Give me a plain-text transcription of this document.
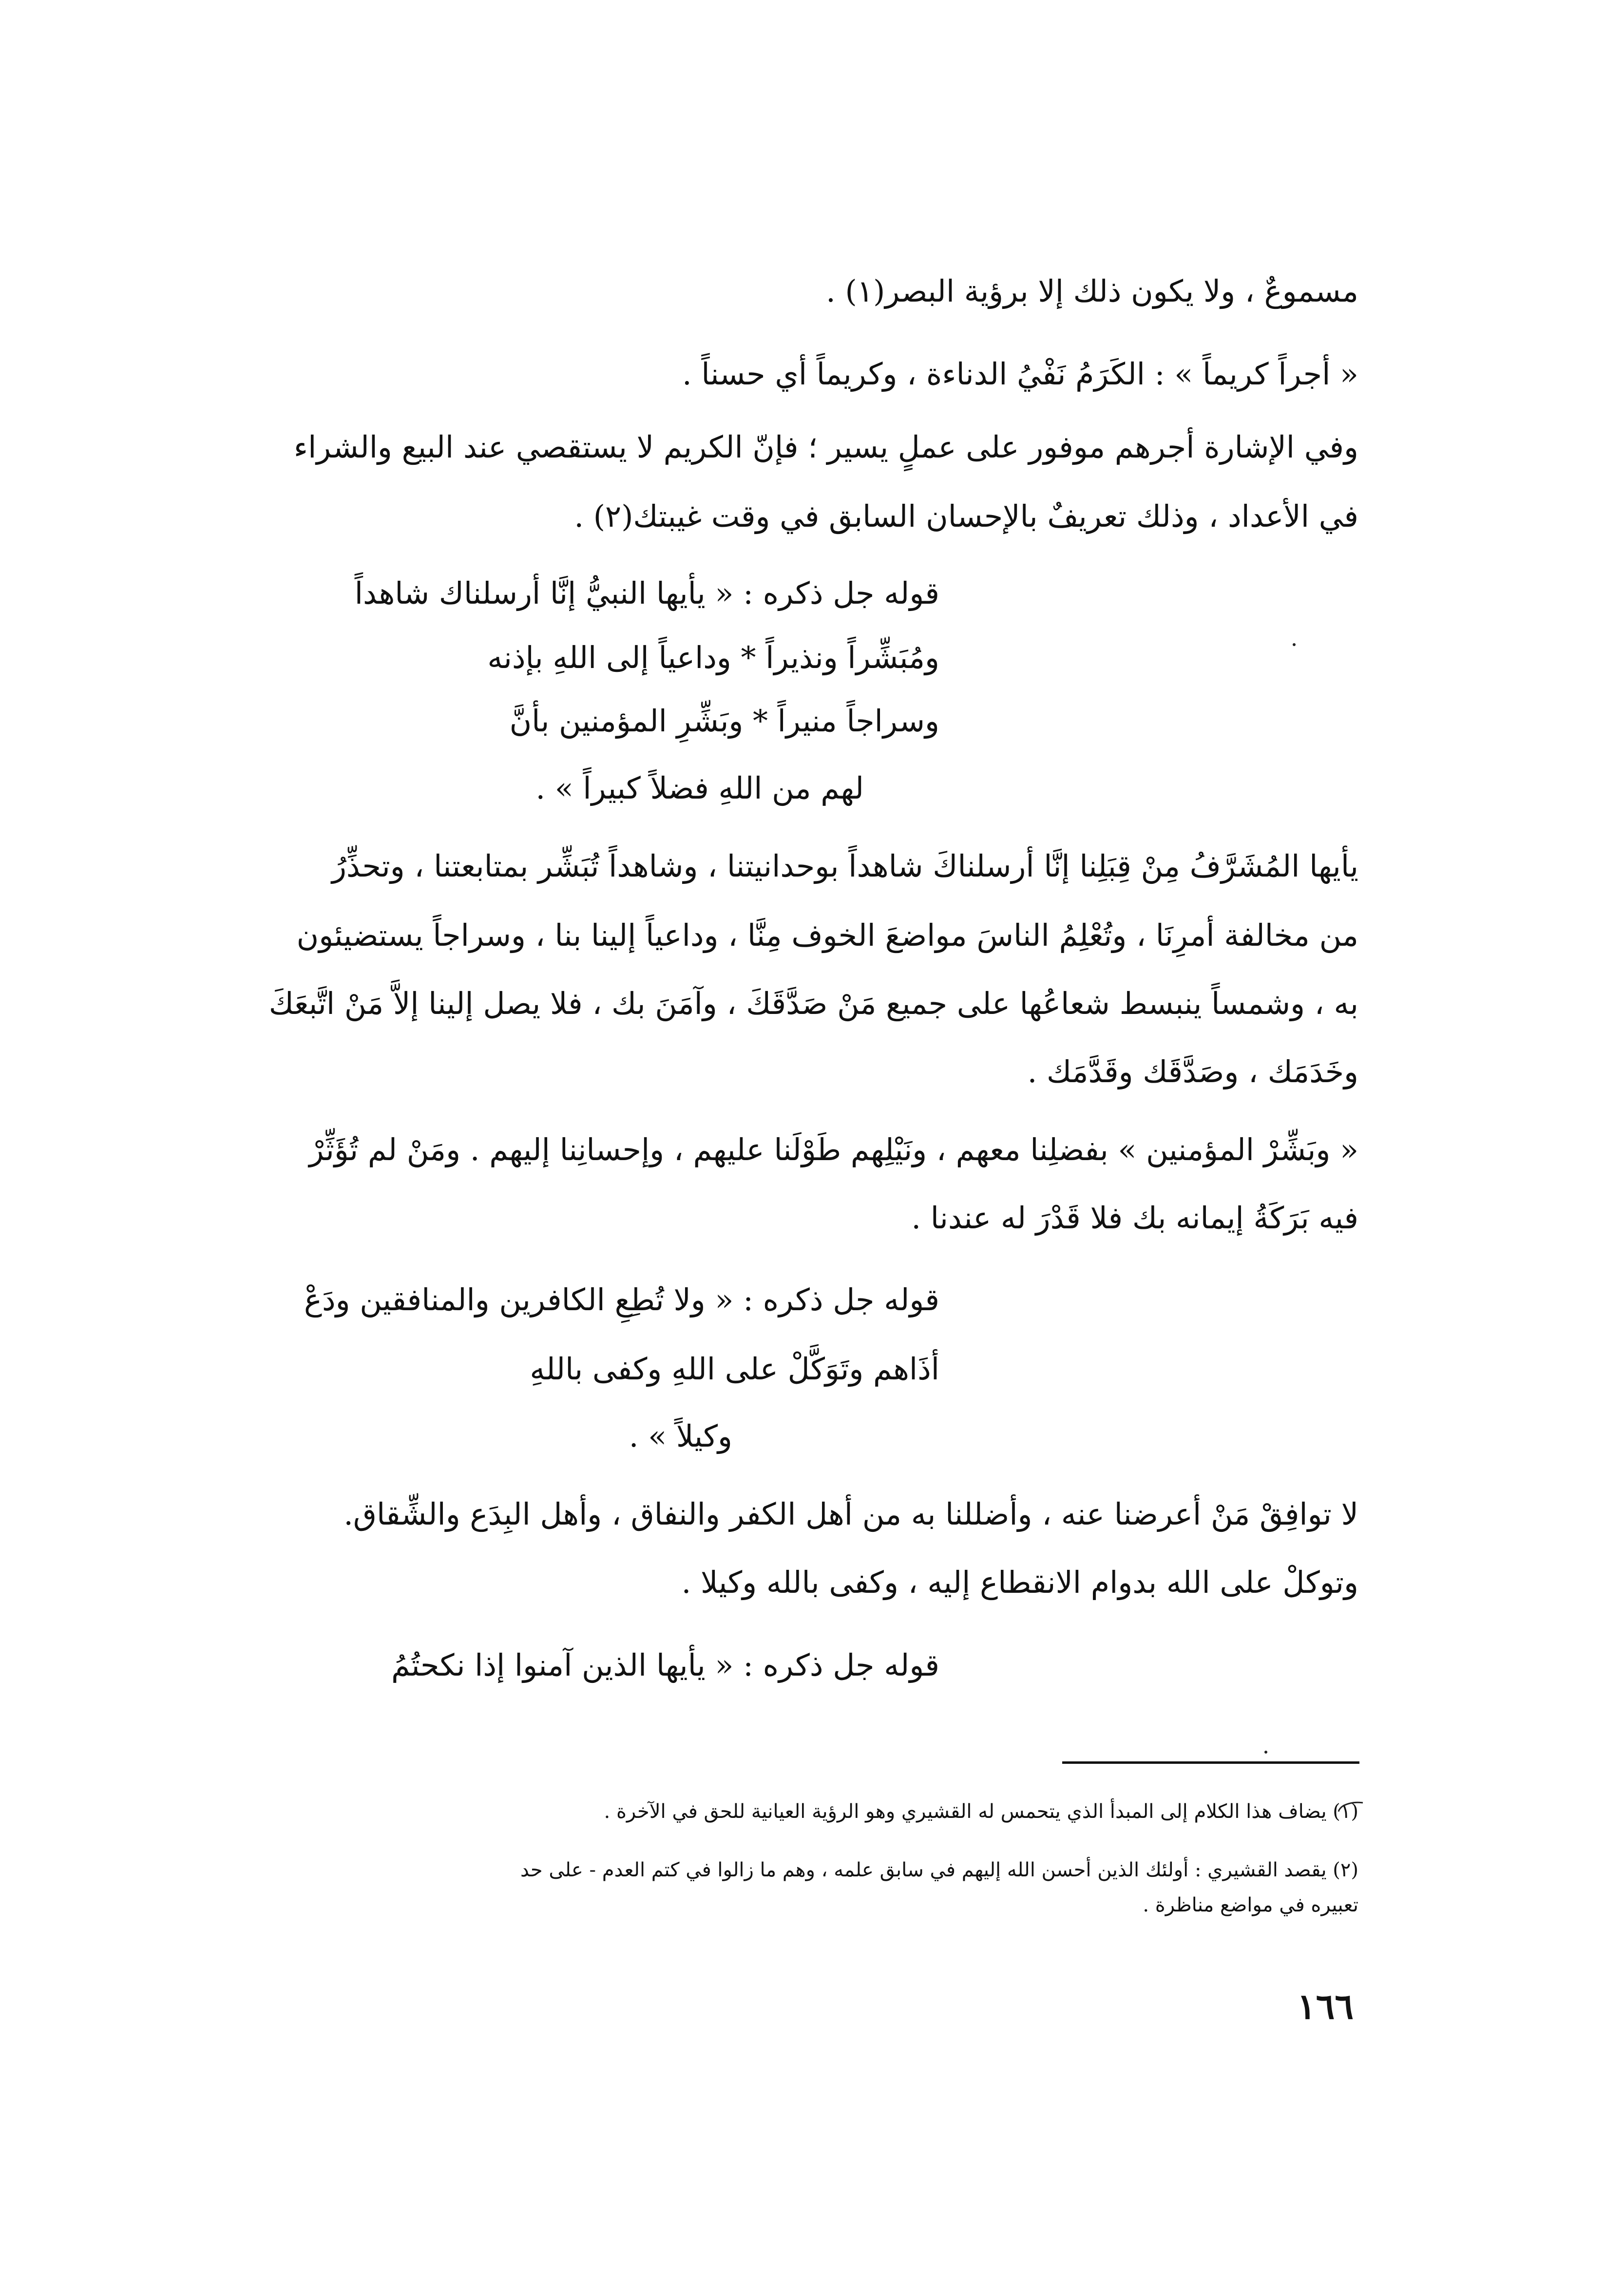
مسموعٌ ، ولا يكون ذلك إلا برؤية البصر(١) .
« أجراً كريماً » : الكَرَمُ نَفْيُ الدناءة ، وكريماً أي حسناً .
وفي الإشارة أجرهم موفور على عملٍ يسير ؛ فإنّ الكريم لا يستقصي عند البيع والشراء
في الأعداد ، وذلك تعريفٌ بالإحسان السابق في وقت غيبتك(٢) .
قوله جل ذكره : « يأيها النبيُّ إنَّا أرسلناك شاهداً
ومُبَشِّراً ونذيراً * وداعياً إلى اللهِ بإذنه
وسراجاً منيراً * وبَشِّرِ المؤمنين بأنَّ
لهم من اللهِ فضلاً كبيراً » .
يأيها المُشَرَّفُ مِنْ قِبَلِنا إنَّا أرسلناكَ شاهداً بوحدانيتنا ، وشاهداً تُبَشِّر بمتابعتنا ، وتحذِّرُ
من مخالفة أمرِنَا ، وتُعْلِمُ الناسَ مواضعَ الخوف مِنَّا ، وداعياً إلينا بنا ، وسراجاً يستضيئون
به ، وشمساً ينبسط شعاعُها على جميع مَنْ صَدَّقَكَ ، وآمَنَ بك ، فلا يصل إلينا إلاَّ مَنْ اتَّبعَكَ
وخَدَمَك ، وصَدَّقَك وقَدَّمَك .
« وبَشِّرْ المؤمنين » بفضلِنا معهم ، ونَيْلِهم طَوْلَنا عليهم ، وإحسانِنا إليهم . ومَنْ لم تُؤَثِّرْ
فيه بَرَكَةُ إيمانه بك فلا قَدْرَ له عندنا .
قوله جل ذكره : « ولا تُطِعِ الكافرين والمنافقين ودَعْ
أذَاهم وتَوَكَّلْ على اللهِ وكفى باللهِ
وكيلاً » .
لا توافِقْ مَنْ أعرضنا عنه ، وأضللنا به من أهل الكفر والنفاق ، وأهل البِدَع والشِّقاق.
وتوكلْ على الله بدوام الانقطاع إليه ، وكفى بالله وكيلا .
قوله جل ذكره : « يأيها الذين آمنوا إذا نكحتُمُ
(١) يضاف هذا الكلام إلى المبدأ الذي يتحمس له القشيري وهو الرؤية العيانية للحق في الآخرة .
(٢) يقصد القشيري : أولئك الذين أحسن الله إليهم في سابق علمه ، وهم ما زالوا في كتم العدم - على حد
تعبيره في مواضع مناظرة .
١٦٦
